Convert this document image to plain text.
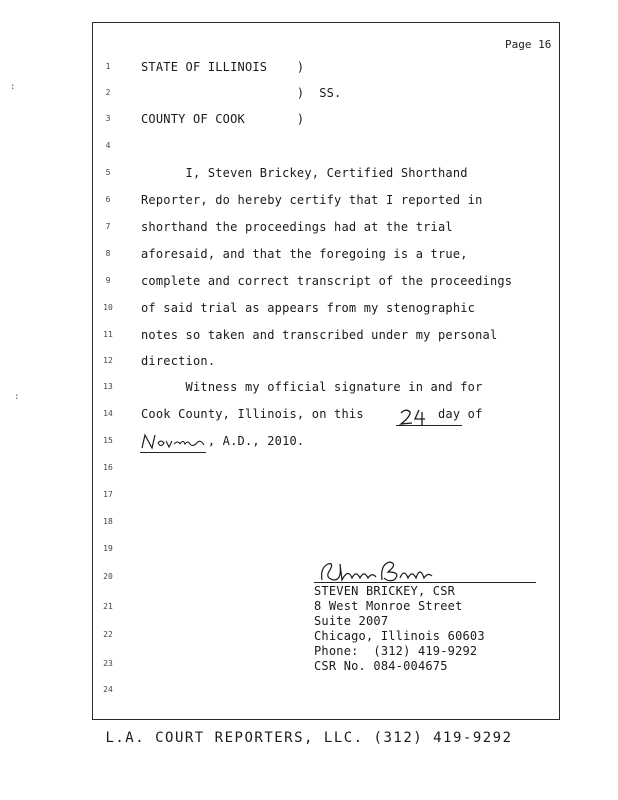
Page 16
:
:
1
2
3
4
5
6
7
8
9
10
11
12
13
14
15
16
17
18
19
20
21
22
23
24
STATE OF ILLINOIS    )
)  SS.
COUNTY OF COOK       )
I, Steven Brickey, Certified Shorthand
Reporter, do hereby certify that I reported in
shorthand the proceedings had at the trial
aforesaid, and that the foregoing is a true,
complete and correct transcript of the proceedings
of said trial as appears from my stenographic
notes so taken and transcribed under my personal
direction.
Witness my official signature in and for
Cook County, Illinois, on this          day of
, A.D., 2010.
STEVEN BRICKEY, CSR
8 West Monroe Street
Suite 2007
Chicago, Illinois 60603
Phone:  (312) 419-9292
CSR No. 084-004675
L.A. COURT REPORTERS, LLC. (312) 419-9292
